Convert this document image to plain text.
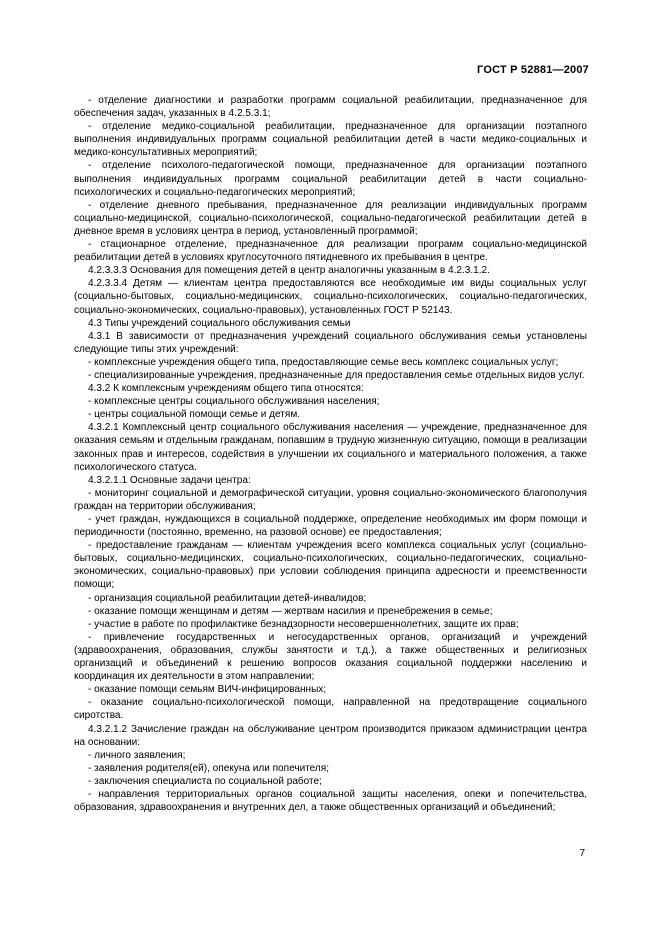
ГОСТ Р 52881—2007

- отделение диагностики и разработки программ социальной реабилитации, предназначенное для обеспечения задач, указанных в 4.2.5.3.1;

- отделение медико-социальной реабилитации, предназначенное для организации поэтапного выполнения индивидуальных программ социальной реабилитации детей в части медико-социальных и медико-консультативных мероприятий;

- отделение психолого-педагогической помощи, предназначенное для организации поэтапного выполнения индивидуальных программ социальной реабилитации детей в части социально-психологических и социально-педагогических мероприятий;

- отделение дневного пребывания, предназначенное для реализации индивидуальных программ социально-медицинской, социально-психологической, социально-педагогической реабилитации детей в дневное время в условиях центра в период, установленный программой;

- стационарное отделение, предназначенное для реализации программ социально-медицинской реабилитации детей в условиях круглосуточного пятидневного их пребывания в центре.

4.2.3.3.3 Основания для помещения детей в центр аналогичны указанным в 4.2.3.1.2.

4.2.3.3.4 Детям — клиентам центра предоставляются все необходимые им виды социальных услуг (социально-бытовых, социально-медицинских, социально-психологических, социально-педагогических, социально-экономических, социально-правовых), установленных ГОСТ Р 52143.

4.3 Типы учреждений социального обслуживания семьи

4.3.1 В зависимости от предназначения учреждений социального обслуживания семьи установлены следующие типы этих учреждений:

- комплексные учреждения общего типа, предоставляющие семье весь комплекс социальных услуг;

- специализированные учреждения, предназначенные для предоставления семье отдельных видов услуг.

4.3.2 К комплексным учреждениям общего типа относятся:

- комплексные центры социального обслуживания населения;

- центры социальной помощи семье и детям.

4.3.2.1 Комплексный центр социального обслуживания населения — учреждение, предназначенное для оказания семьям и отдельным гражданам, попавшим в трудную жизненную ситуацию, помощи в реализации законных прав и интересов, содействия в улучшении их социального и материального положения, а также психологического статуса.

4.3.2.1.1 Основные задачи центра:

- мониторинг социальной и демографической ситуации, уровня социально-экономического благополучия граждан на территории обслуживания;

- учет граждан, нуждающихся в социальной поддержке, определение необходимых им форм помощи и периодичности (постоянно, временно, на разовой основе) ее предоставления;

- предоставление гражданам — клиентам учреждения всего комплекса социальных услуг (социально-бытовых, социально-медицинских, социально-психологических, социально-педагогических, социально-экономических, социально-правовых) при условии соблюдения принципа адресности и преемственности помощи;

- организация социальной реабилитации детей-инвалидов;

- оказание помощи женщинам и детям — жертвам насилия и пренебрежения в семье;

- участие в работе по профилактике безнадзорности несовершеннолетних, защите их прав;

- привлечение государственных и негосударственных органов, организаций и учреждений (здравоохранения, образования, службы занятости и т.д.), а также общественных и религиозных организаций и объединений к решению вопросов оказания социальной поддержки населению и координация их деятельности в этом направлении;

- оказание помощи семьям ВИЧ-инфицированных;

- оказание социально-психологической помощи, направленной на предотвращение социального сиротства.

4.3.2.1.2 Зачисление граждан на обслуживание центром производится приказом администрации центра на основании:

- личного заявления;

- заявления родителя(ей), опекуна или попечителя;

- заключения специалиста по социальной работе;

- направления территориальных органов социальной защиты населения, опеки и попечительства, образования, здравоохранения и внутренних дел, а также общественных организаций и объединений;

7
